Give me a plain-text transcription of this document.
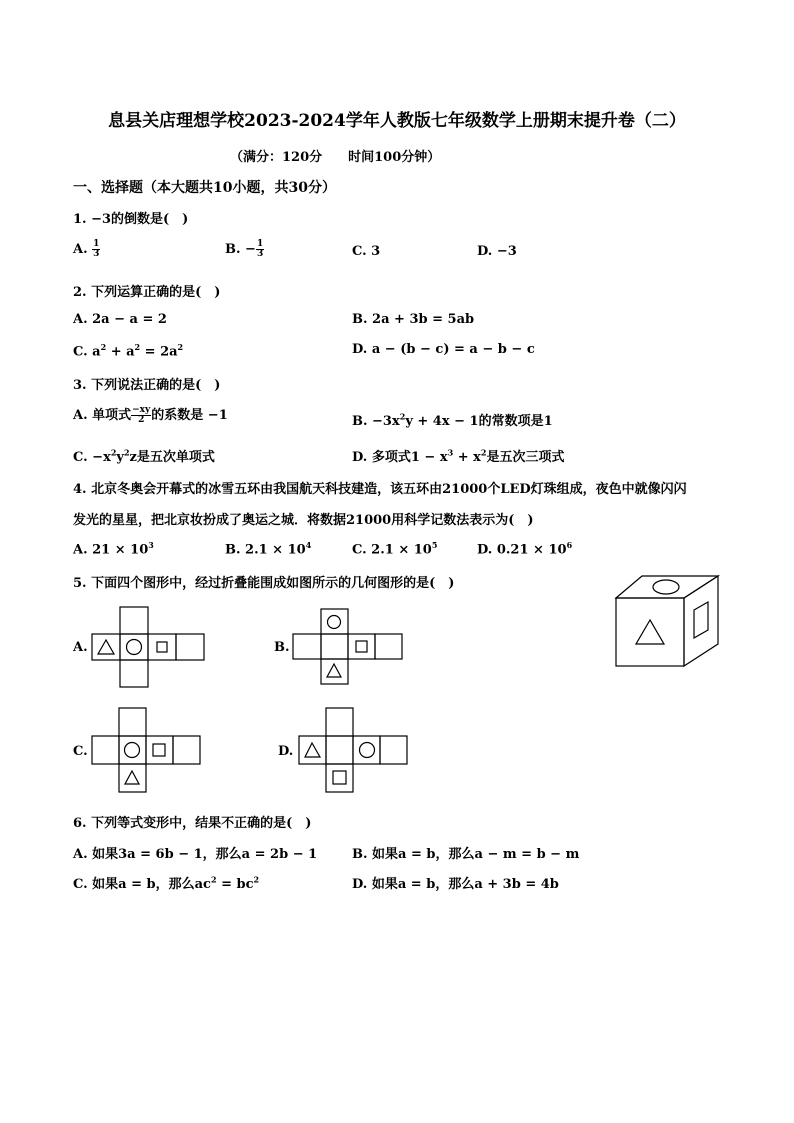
息县关店理想学校2023-2024学年人教版七年级数学上册期末提升卷（二）
（满分：120分　　时间100分钟）
一、选择题（本大题共10小题，共30分）
1. −3的倒数是(　)
A. $\frac{1}{3}$	B. − $\frac{1}{3}$	C. 3	D. −3
2. 下列运算正确的是(　)
A. 2a − a = 2	B. 2a + 3b = 5ab
C. $a^2 + a^2 = 2a^2$	D. a − (b − c) = a − b − c
3. 下列说法正确的是(　)
A. 单项式 $\frac{-xy}{2}$ 的系数是 −1	B. $-3x^2y + 4x - 1$的常数项是1
C. $-x^2y^2z$是五次单项式	D. 多项式$1 - x^3 + x^2$是五次三项式
4. 北京冬奥会开幕式的冰雪五环由我国航天科技建造，该五环由21000个LED灯珠组成，夜色中就像闪闪
发光的星星，把北京妆扮成了奥运之城．将数据21000用科学记数法表示为(　)
A. $21 \times 10^3$	B. $2.1 \times 10^4$	C. $2.1 \times 10^5$	D. $0.21 \times 10^6$
5. 下面四个图形中，经过折叠能围成如图所示的几何图形的是(　)
A.	B.
C.	D.
6. 下列等式变形中，结果不正确的是(　)
A. 如果3a = 6b − 1，那么a = 2b − 1	B. 如果a = b，那么a − m = b − m
C. 如果a = b，那么$ac^2 = bc^2$	D. 如果a = b，那么a + 3b = 4b
